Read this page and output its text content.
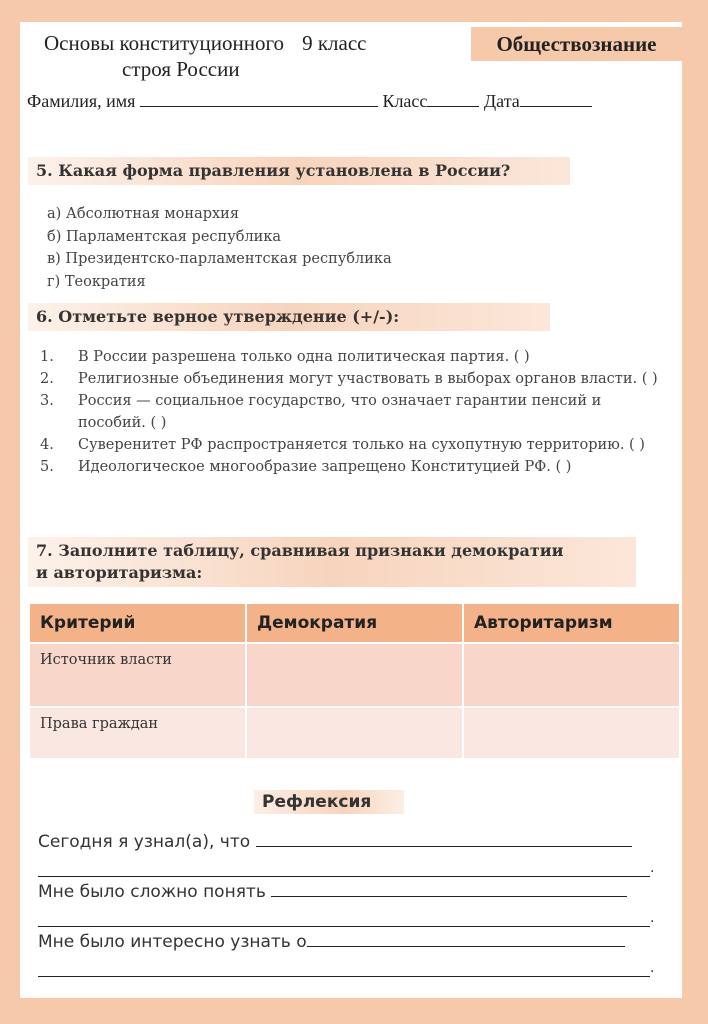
Основы конституционного 9 класс
строя России
Обществознание
Фамилия, имя	Класс	Дата
5. Какая форма правления установлена в России?
а) Абсолютная монархия
б) Парламентская республика
в) Президентско-парламентская республика
г) Теократия
6. Отметьте верное утверждение (+/-):
1.	В России разрешена только одна политическая партия. ( )
2.	Религиозные объединения могут участвовать в выборах органов власти. ( )
3.	Россия — социальное государство, что означает гарантии пенсий и пособий. ( )
4.	Суверенитет РФ распространяется только на сухопутную территорию. ( )
5.	Идеологическое многообразие запрещено Конституцией РФ. ( )
7. Заполните таблицу, сравнивая признаки демократии
и авторитаризма:
Критерий	Демократия	Авторитаризм
Источник власти		
Права граждан		
Рефлексия
Сегодня я узнал(а), что
.
Мне было сложно понять
.
Мне было интересно узнать о
.
